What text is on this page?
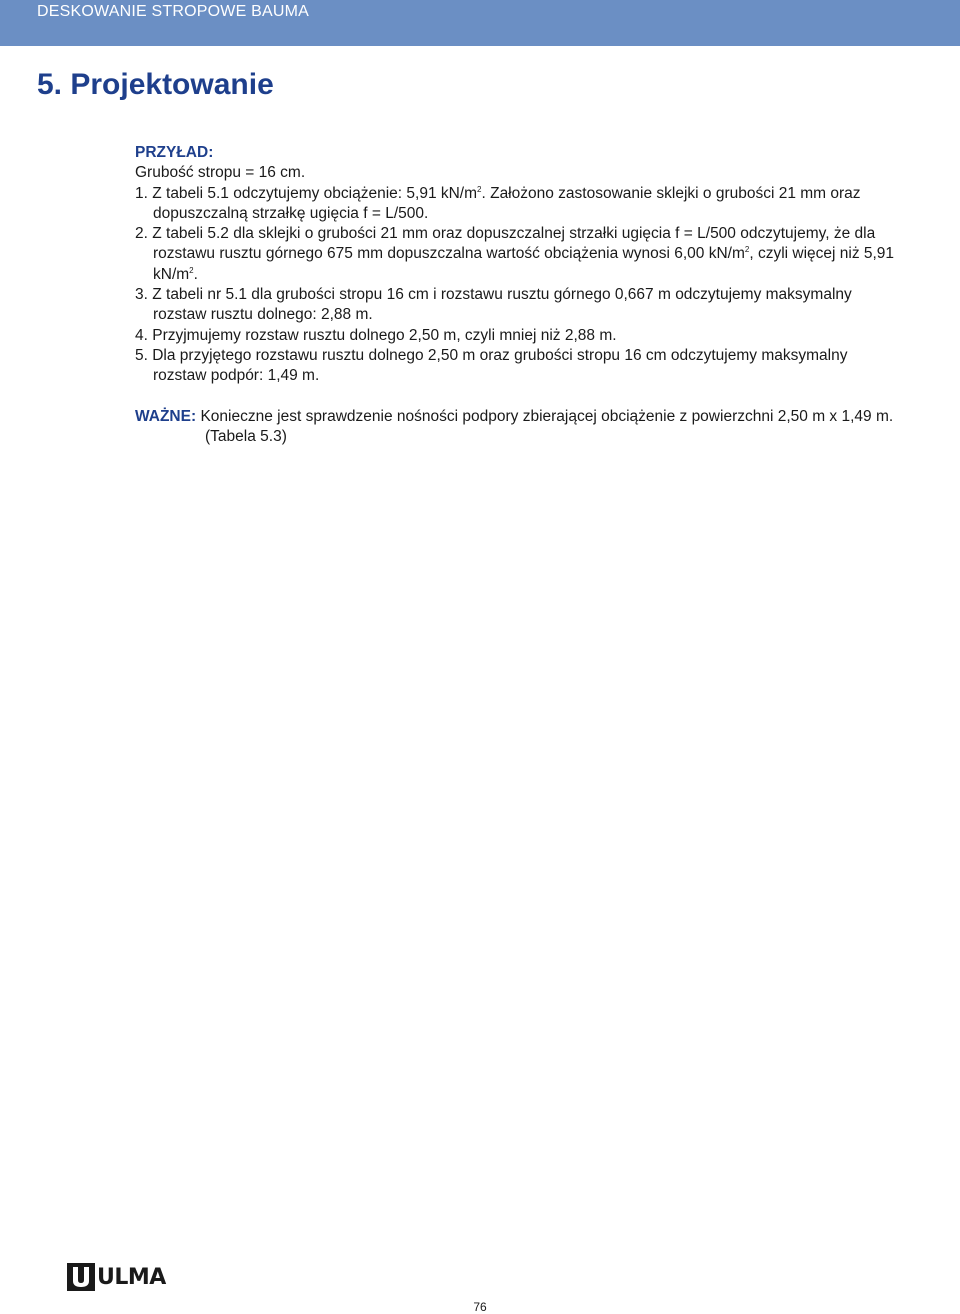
DESKOWANIE STROPOWE BAUMA
5. Projektowanie
PRZYŁAD:
Grubość stropu = 16 cm.
1. Z tabeli 5.1 odczytujemy obciążenie: 5,91 $kN/m^2$. Założono zastosowanie sklejki o grubości 21 mm oraz dopuszczalną strzałkę ugięcia f = L/500.
2. Z tabeli 5.2 dla sklejki o grubości 21 mm oraz dopuszczalnej strzałki ugięcia f = L/500 odczytujemy, że dla rozstawu rusztu górnego 675 mm dopuszczalna wartość obciążenia wynosi 6,00 $kN/m^2$, czyli więcej niż 5,91 $kN/m^2$.
3. Z tabeli nr 5.1 dla grubości stropu 16 cm i rozstawu rusztu górnego 0,667 m odczytujemy maksymalny rozstaw rusztu dolnego: 2,88 m.
4. Przyjmujemy rozstaw rusztu dolnego 2,50 m, czyli mniej niż 2,88 m.
5. Dla przyjętego rozstawu rusztu dolnego 2,50 m oraz grubości stropu 16 cm odczytujemy maksymalny rozstaw podpór: 1,49 m.
WAŻNE: Konieczne jest sprawdzenie nośności podpory zbierającej obciążenie z powierzchni 2,50 m x 1,49 m. (Tabela 5.3)
ULMA
76
